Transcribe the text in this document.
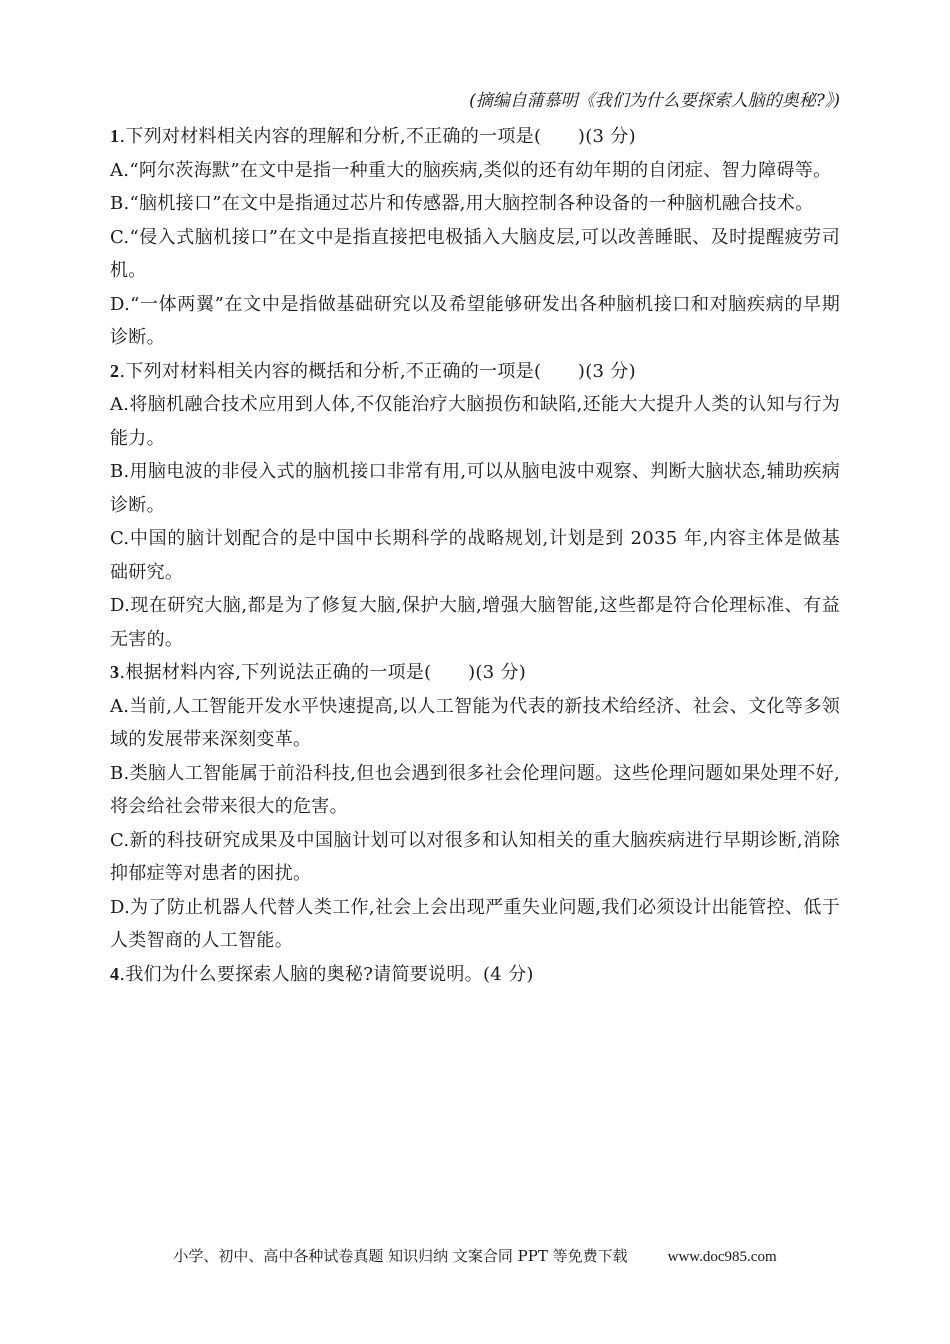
(摘编自蒲慕明《我们为什么要探索人脑的奥秘?》)

1.下列对材料相关内容的理解和分析,不正确的一项是(　　)(3 分)

A.“阿尔茨海默”在文中是指一种重大的脑疾病,类似的还有幼年期的自闭症、智力障碍等。

B.“脑机接口”在文中是指通过芯片和传感器,用大脑控制各种设备的一种脑机融合技术。

C.“侵入式脑机接口”在文中是指直接把电极插入大脑皮层,可以改善睡眠、及时提醒疲劳司机。

D.“一体两翼”在文中是指做基础研究以及希望能够研发出各种脑机接口和对脑疾病的早期诊断。

2.下列对材料相关内容的概括和分析,不正确的一项是(　　)(3 分)

A.将脑机融合技术应用到人体,不仅能治疗大脑损伤和缺陷,还能大大提升人类的认知与行为能力。

B.用脑电波的非侵入式的脑机接口非常有用,可以从脑电波中观察、判断大脑状态,辅助疾病诊断。

C.中国的脑计划配合的是中国中长期科学的战略规划,计划是到 2035 年,内容主体是做基础研究。

D.现在研究大脑,都是为了修复大脑,保护大脑,增强大脑智能,这些都是符合伦理标准、有益无害的。

3.根据材料内容,下列说法正确的一项是(　　)(3 分)

A.当前,人工智能开发水平快速提高,以人工智能为代表的新技术给经济、社会、文化等多领域的发展带来深刻变革。

B.类脑人工智能属于前沿科技,但也会遇到很多社会伦理问题。这些伦理问题如果处理不好,将会给社会带来很大的危害。

C.新的科技研究成果及中国脑计划可以对很多和认知相关的重大脑疾病进行早期诊断,消除抑郁症等对患者的困扰。

D.为了防止机器人代替人类工作,社会上会出现严重失业问题,我们必须设计出能管控、低于人类智商的人工智能。

4.我们为什么要探索人脑的奥秘?请简要说明。(4 分)

小学、初中、高中各种试卷真题 知识归纳 文案合同 PPT 等免费下载	www.doc985.com
